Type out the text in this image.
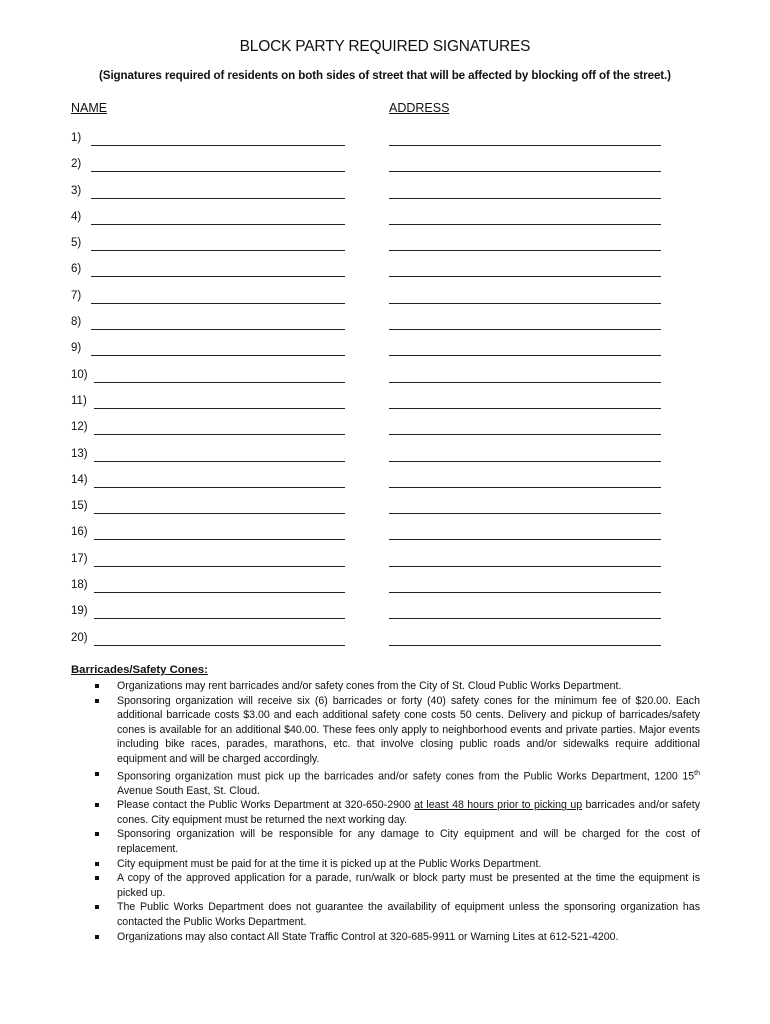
BLOCK PARTY REQUIRED SIGNATURES
(Signatures required of residents on both sides of street that will be affected by blocking off of the street.)
NAME	ADDRESS
1)
2)
3)
4)
5)
6)
7)
8)
9)
10)
11)
12)
13)
14)
15)
16)
17)
18)
19)
20)
Barricades/Safety Cones:
Organizations may rent barricades and/or safety cones from the City of St. Cloud Public Works Department.
Sponsoring organization will receive six (6) barricades or forty (40) safety cones for the minimum fee of $20.00. Each additional barricade costs $3.00 and each additional safety cone costs 50 cents. Delivery and pickup of barricades/safety cones is available for an additional $40.00. These fees only apply to neighborhood events and private parties. Major events including bike races, parades, marathons, etc. that involve closing public roads and/or sidewalks require additional equipment and will be charged accordingly.
Sponsoring organization must pick up the barricades and/or safety cones from the Public Works Department, 1200 15th Avenue South East, St. Cloud.
Please contact the Public Works Department at 320-650-2900 at least 48 hours prior to picking up barricades and/or safety cones. City equipment must be returned the next working day.
Sponsoring organization will be responsible for any damage to City equipment and will be charged for the cost of replacement.
City equipment must be paid for at the time it is picked up at the Public Works Department.
A copy of the approved application for a parade, run/walk or block party must be presented at the time the equipment is picked up.
The Public Works Department does not guarantee the availability of equipment unless the sponsoring organization has contacted the Public Works Department.
Organizations may also contact All State Traffic Control at 320-685-9911 or Warning Lites at 612-521-4200.
